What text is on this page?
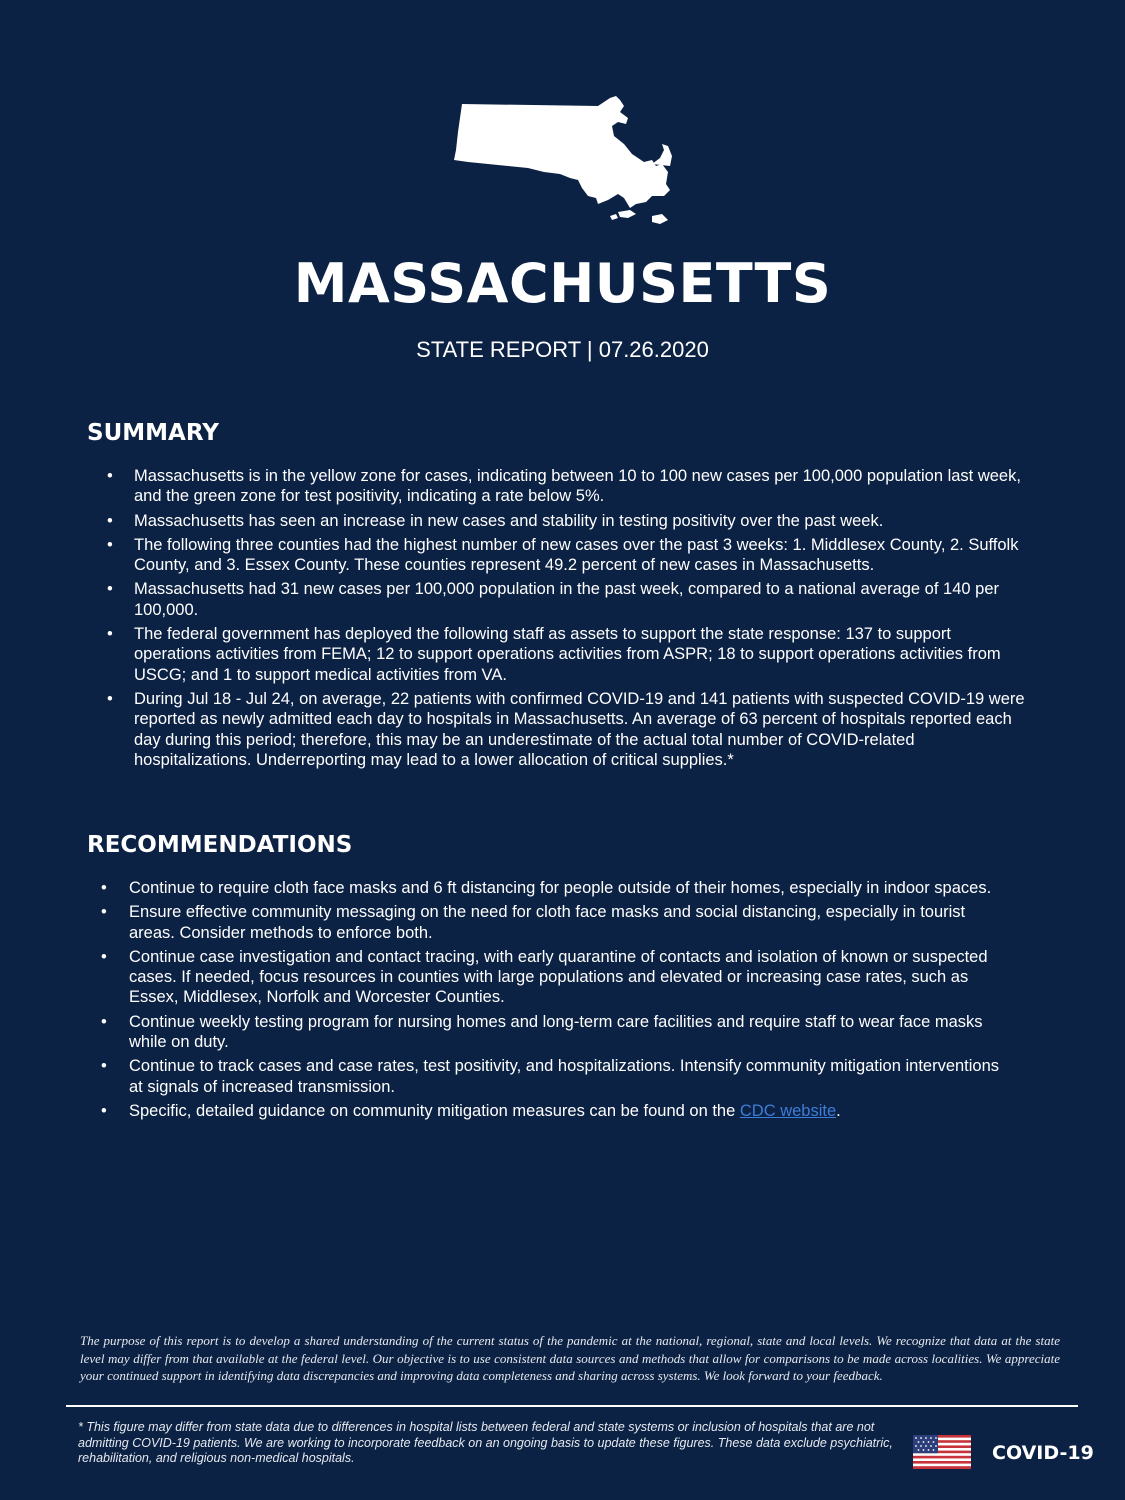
MASSACHUSETTS
STATE REPORT | 07.26.2020
SUMMARY
• Massachusetts is in the yellow zone for cases, indicating between 10 to 100 new cases per 100,000 population last week, and the green zone for test positivity, indicating a rate below 5%.
• Massachusetts has seen an increase in new cases and stability in testing positivity over the past week.
• The following three counties had the highest number of new cases over the past 3 weeks: 1. Middlesex County, 2. Suffolk County, and 3. Essex County. These counties represent 49.2 percent of new cases in Massachusetts.
• Massachusetts had 31 new cases per 100,000 population in the past week, compared to a national average of 140 per 100,000.
• The federal government has deployed the following staff as assets to support the state response: 137 to support operations activities from FEMA; 12 to support operations activities from ASPR; 18 to support operations activities from USCG; and 1 to support medical activities from VA.
• During Jul 18 - Jul 24, on average, 22 patients with confirmed COVID-19 and 141 patients with suspected COVID-19 were reported as newly admitted each day to hospitals in Massachusetts. An average of 63 percent of hospitals reported each day during this period; therefore, this may be an underestimate of the actual total number of COVID-related hospitalizations. Underreporting may lead to a lower allocation of critical supplies.*
RECOMMENDATIONS
• Continue to require cloth face masks and 6 ft distancing for people outside of their homes, especially in indoor spaces.
• Ensure effective community messaging on the need for cloth face masks and social distancing, especially in tourist areas. Consider methods to enforce both.
• Continue case investigation and contact tracing, with early quarantine of contacts and isolation of known or suspected cases. If needed, focus resources in counties with large populations and elevated or increasing case rates, such as Essex, Middlesex, Norfolk and Worcester Counties.
• Continue weekly testing program for nursing homes and long-term care facilities and require staff to wear face masks while on duty.
• Continue to track cases and case rates, test positivity, and hospitalizations. Intensify community mitigation interventions at signals of increased transmission.
• Specific, detailed guidance on community mitigation measures can be found on the CDC website.
The purpose of this report is to develop a shared understanding of the current status of the pandemic at the national, regional, state and local levels. We recognize that data at the state level may differ from that available at the federal level. Our objective is to use consistent data sources and methods that allow for comparisons to be made across localities. We appreciate your continued support in identifying data discrepancies and improving data completeness and sharing across systems. We look forward to your feedback.
* This figure may differ from state data due to differences in hospital lists between federal and state systems or inclusion of hospitals that are not admitting COVID-19 patients. We are working to incorporate feedback on an ongoing basis to update these figures. These data exclude psychiatric, rehabilitation, and religious non-medical hospitals.	COVID-19
